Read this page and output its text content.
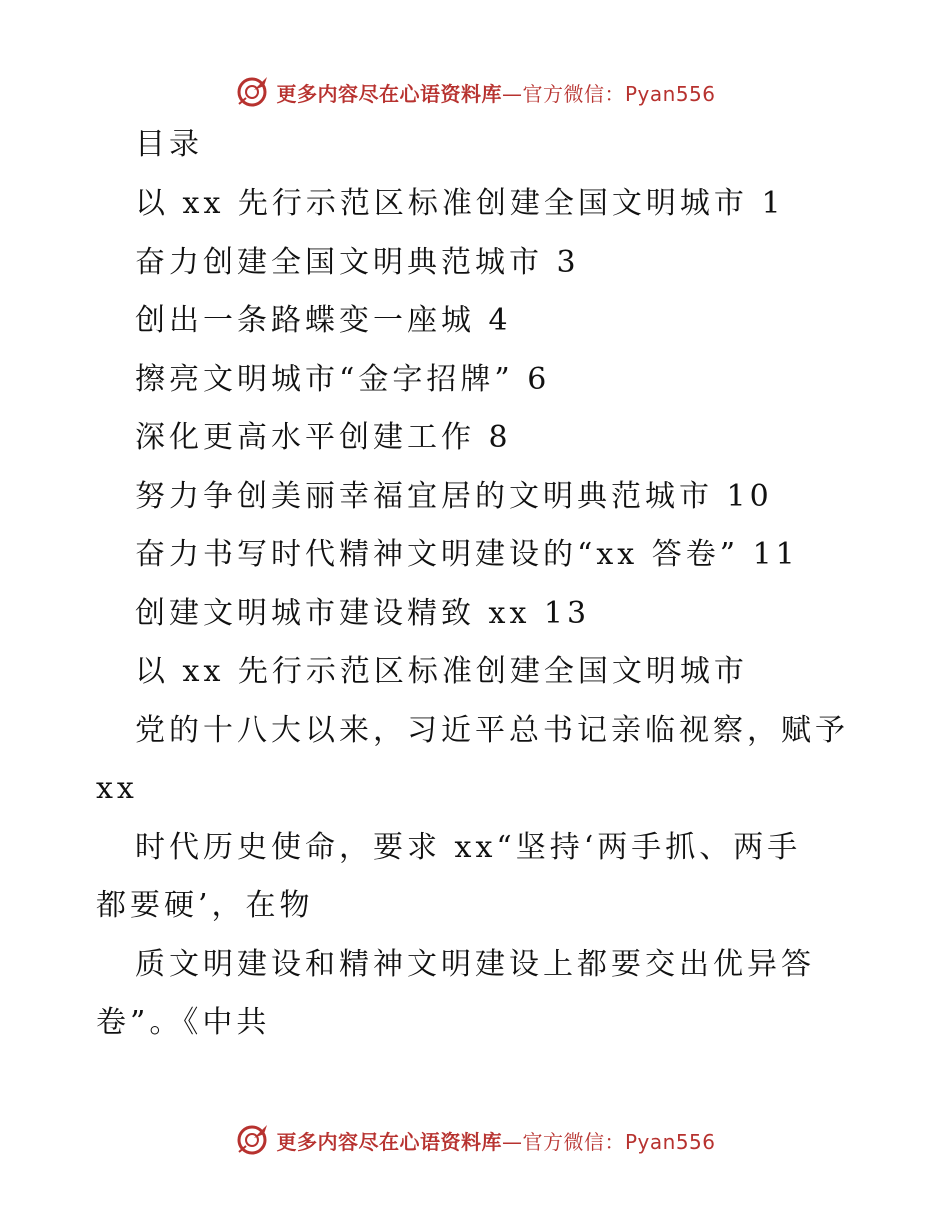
更多内容尽在心语资料库—官方微信：Pyan556
目录
以 xx 先行示范区标准创建全国文明城市 1
奋力创建全国文明典范城市 3
创出一条路蝶变一座城 4
擦亮文明城市“金字招牌” 6
深化更高水平创建工作 8
努力争创美丽幸福宜居的文明典范城市 10
奋力书写时代精神文明建设的“xx 答卷” 11
创建文明城市建设精致 xx 13
以 xx 先行示范区标准创建全国文明城市
党的十八大以来，习近平总书记亲临视察，赋予
xx
时代历史使命，要求 xx“坚持‘两手抓、两手
都要硬’，在物
质文明建设和精神文明建设上都要交出优异答
卷”。《中共
更多内容尽在心语资料库—官方微信：Pyan556
